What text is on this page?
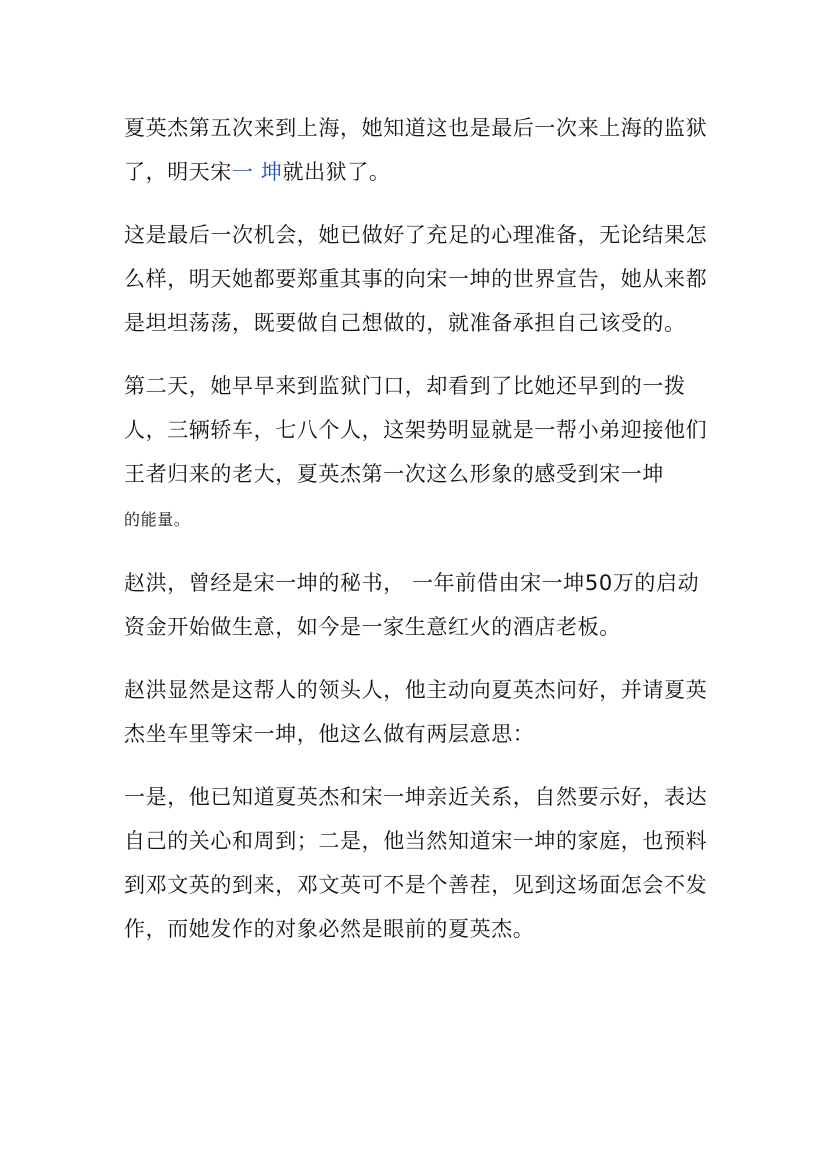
夏英杰第五次来到上海，她知道这也是最后一次来上海的监狱了，明天宋一 坤就出狱了。

这是最后一次机会，她已做好了充足的心理准备，无论结果怎么样，明天她都要郑重其事的向宋一坤的世界宣告，她从来都是坦坦荡荡，既要做自己想做的，就准备承担自己该受的。

第二天，她早早来到监狱门口，却看到了比她还早到的一拨人，三辆轿车，七八个人，这架势明显就是一帮小弟迎接他们王者归来的老大，夏英杰第一次这么形象的感受到宋一坤
的能量。

赵洪，曾经是宋一坤的秘书， 一年前借由宋一坤50万的启动资金开始做生意，如今是一家生意红火的酒店老板。

赵洪显然是这帮人的领头人，他主动向夏英杰问好，并请夏英杰坐车里等宋一坤，他这么做有两层意思：

一是，他已知道夏英杰和宋一坤亲近关系，自然要示好，表达自己的关心和周到；二是，他当然知道宋一坤的家庭，也预料到邓文英的到来，邓文英可不是个善茬，见到这场面怎会不发作，而她发作的对象必然是眼前的夏英杰。
